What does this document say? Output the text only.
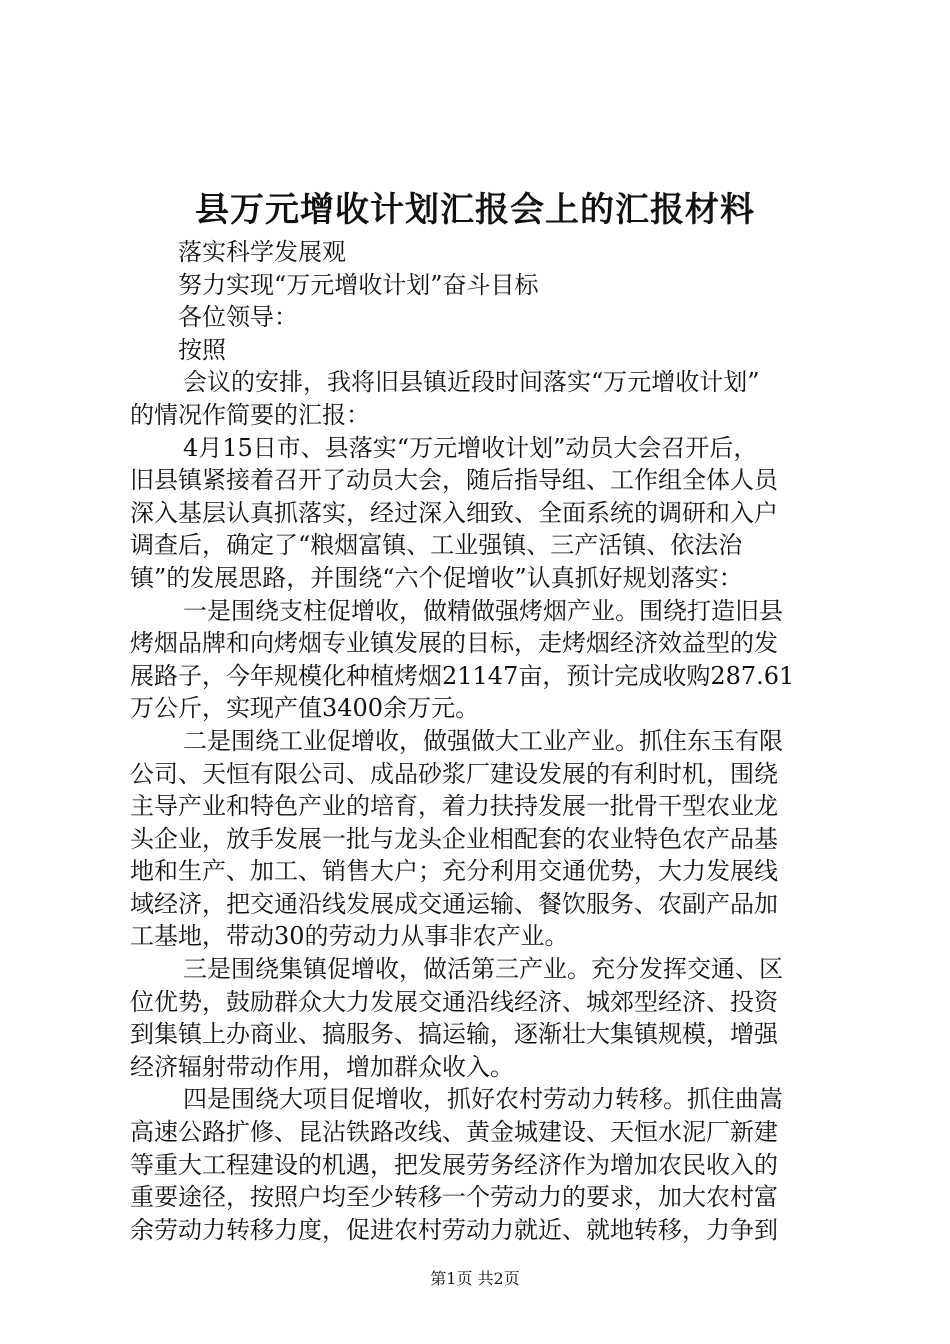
县万元增收计划汇报会上的汇报材料
落实科学发展观
努力实现“万元增收计划”奋斗目标
各位领导：
按照
会议的安排，我将旧县镇近段时间落实“万元增收计划”
的情况作简要的汇报：
4月15日市、县落实“万元增收计划”动员大会召开后，
旧县镇紧接着召开了动员大会，随后指导组、工作组全体人员
深入基层认真抓落实，经过深入细致、全面系统的调研和入户
调查后，确定了“粮烟富镇、工业强镇、三产活镇、依法治
镇”的发展思路，并围绕“六个促增收”认真抓好规划落实：
一是围绕支柱促增收，做精做强烤烟产业。围绕打造旧县
烤烟品牌和向烤烟专业镇发展的目标，走烤烟经济效益型的发
展路子，今年规模化种植烤烟21147亩，预计完成收购287.61
万公斤，实现产值3400余万元。
二是围绕工业促增收，做强做大工业产业。抓住东玉有限
公司、天恒有限公司、成品砂浆厂建设发展的有利时机，围绕
主导产业和特色产业的培育，着力扶持发展一批骨干型农业龙
头企业，放手发展一批与龙头企业相配套的农业特色农产品基
地和生产、加工、销售大户；充分利用交通优势，大力发展线
域经济，把交通沿线发展成交通运输、餐饮服务、农副产品加
工基地，带动30的劳动力从事非农产业。
三是围绕集镇促增收，做活第三产业。充分发挥交通、区
位优势，鼓励群众大力发展交通沿线经济、城郊型经济、投资
到集镇上办商业、搞服务、搞运输，逐渐壮大集镇规模，增强
经济辐射带动作用，增加群众收入。
四是围绕大项目促增收，抓好农村劳动力转移。抓住曲嵩
高速公路扩修、昆沾铁路改线、黄金城建设、天恒水泥厂新建
等重大工程建设的机遇，把发展劳务经济作为增加农民收入的
重要途径，按照户均至少转移一个劳动力的要求，加大农村富
余劳动力转移力度，促进农村劳动力就近、就地转移，力争到
第1页 共2页
